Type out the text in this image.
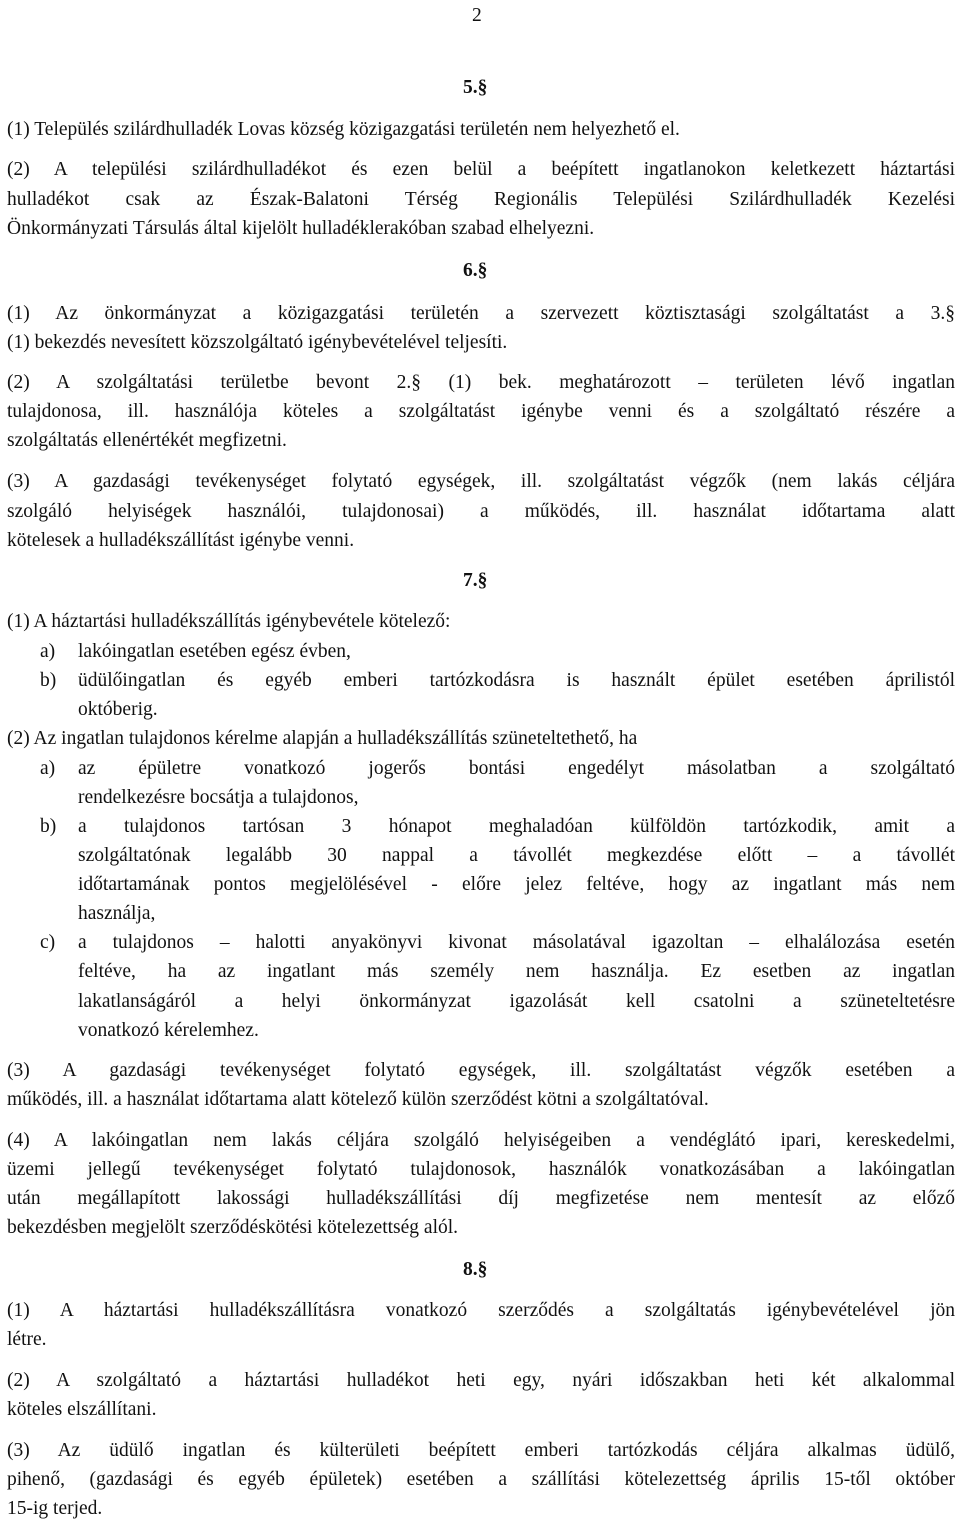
2
5.§
(1) Település szilárdhulladék Lovas község közigazgatási területén nem helyezhető el.
(2) A települési szilárdhulladékot és ezen belül a beépített ingatlanokon keletkezett háztartási
hulladékot csak az Észak-Balatoni Térség Regionális Települési Szilárdhulladék Kezelési
Önkormányzati Társulás által kijelölt hulladéklerakóban szabad elhelyezni.
6.§
(1) Az önkormányzat a közigazgatási területén a szervezett köztisztasági szolgáltatást a 3.§
(1) bekezdés nevesített közszolgáltató igénybevételével teljesíti.
(2) A szolgáltatási területbe bevont 2.§ (1) bek. meghatározott – területen lévő ingatlan
tulajdonosa, ill. használója köteles a szolgáltatást igénybe venni és a szolgáltató részére a
szolgáltatás ellenértékét megfizetni.
(3) A gazdasági tevékenységet folytató egységek, ill. szolgáltatást végzők (nem lakás céljára
szolgáló helyiségek használói, tulajdonosai) a működés, ill. használat időtartama alatt
kötelesek a hulladékszállítást igénybe venni.
7.§
(1) A háztartási hulladékszállítás igénybevétele kötelező:
a)	lakóingatlan esetében egész évben,
b)	üdülőingatlan és egyéb emberi tartózkodásra is használt épület esetében áprilistól
októberig.
(2) Az ingatlan tulajdonos kérelme alapján a hulladékszállítás szüneteltethető, ha
a)	az épületre vonatkozó jogerős bontási engedélyt másolatban a szolgáltató
rendelkezésre bocsátja a tulajdonos,
b)	a tulajdonos tartósan 3 hónapot meghaladóan külföldön tartózkodik, amit a
szolgáltatónak legalább 30 nappal a távollét megkezdése előtt – a távollét
időtartamának pontos megjelölésével - előre jelez feltéve, hogy az ingatlant más nem
használja,
c)	a tulajdonos – halotti anyakönyvi kivonat másolatával igazoltan – elhalálozása esetén
feltéve, ha az ingatlant más személy nem használja. Ez esetben az ingatlan
lakatlanságáról a helyi önkormányzat igazolását kell csatolni a szüneteltetésre
vonatkozó kérelemhez.
(3) A gazdasági tevékenységet folytató egységek, ill. szolgáltatást végzők esetében a
működés, ill. a használat időtartama alatt kötelező külön szerződést kötni a szolgáltatóval.
(4) A lakóingatlan nem lakás céljára szolgáló helyiségeiben a vendéglátó ipari, kereskedelmi,
üzemi jellegű tevékenységet folytató tulajdonosok, használók vonatkozásában a lakóingatlan
után megállapított lakossági hulladékszállítási díj megfizetése nem mentesít az előző
bekezdésben megjelölt szerződéskötési kötelezettség alól.
8.§
(1) A háztartási hulladékszállításra vonatkozó szerződés a szolgáltatás igénybevételével jön
létre.
(2) A szolgáltató a háztartási hulladékot heti egy, nyári időszakban heti két alkalommal
köteles elszállítani.
(3) Az üdülő ingatlan és külterületi beépített emberi tartózkodás céljára alkalmas üdülő,
pihenő, (gazdasági és egyéb épületek) esetében a szállítási kötelezettség április 15-től október
15-ig terjed.
